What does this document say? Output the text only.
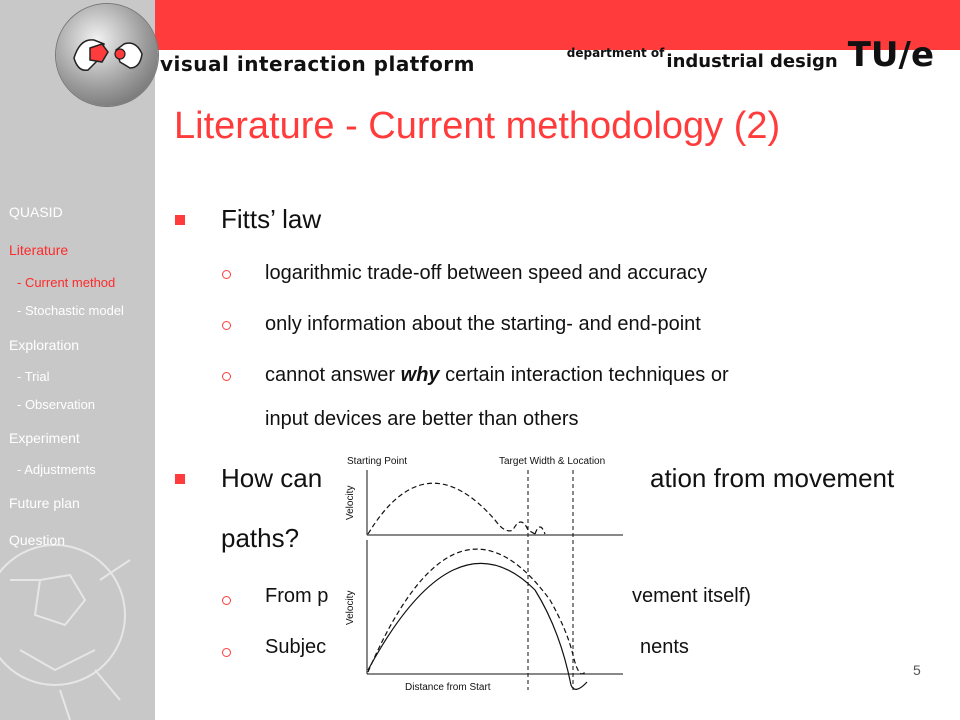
visual interaction platform	department of industrial design TU/e
QUASID
Literature
- Current method
- Stochastic model
Exploration
- Trial
- Observation
Experiment
- Adjustments
Future plan
Question
Literature - Current methodology (2)
Fitts’ law
logarithmic trade-off between speed and accuracy
only information about the starting- and end-point
cannot answer why certain interaction techniques or
input devices are better than others
How can	ation from movement
paths?
From p	vement itself)
Subjec	nents
Starting Point	Target Width & Location
Velocity
Velocity
Distance from Start
5
